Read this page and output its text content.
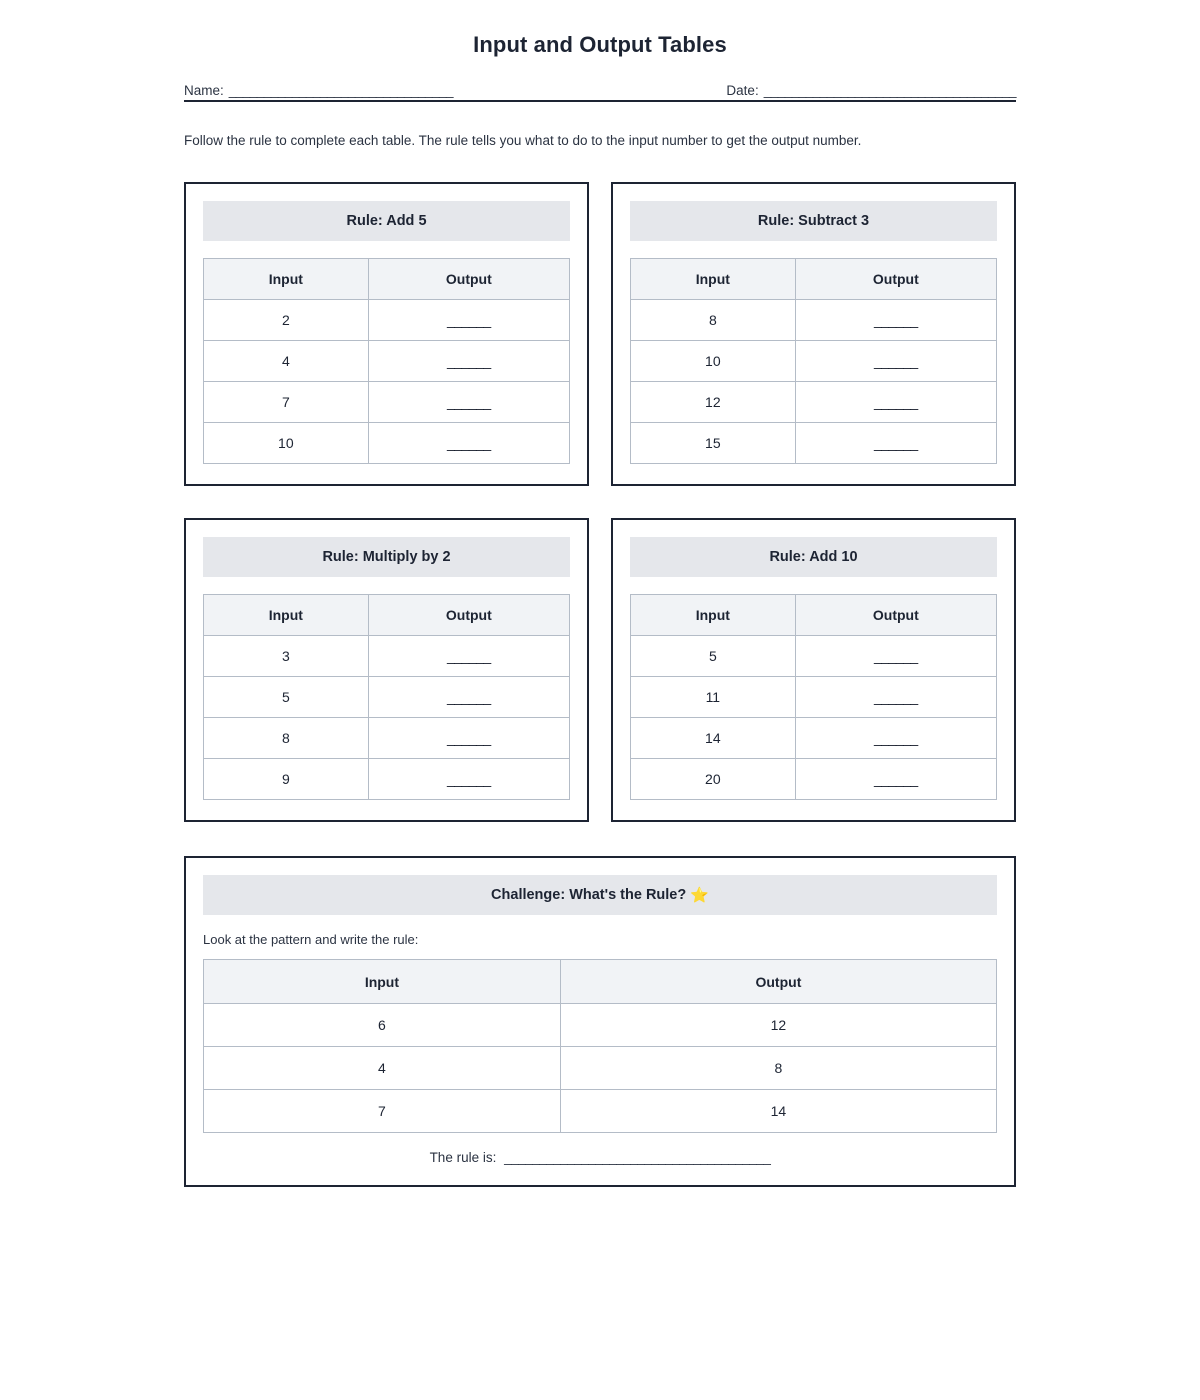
Input and Output Tables
Name: ________________________________	Date: ____________________________________

Follow the rule to complete each table. The rule tells you what to do to the input number to get the output number.

Rule: Add 5
Input	Output
2	______
4	______
7	______
10	______
Rule: Subtract 3
Input	Output
8	______
10	______
12	______
15	______
Rule: Multiply by 2
Input	Output
3	______
5	______
8	______
9	______
Rule: Add 10
Input	Output
5	______
11	______
14	______
20	______
Challenge: What's the Rule? ⭐
Look at the pattern and write the rule:
Input	Output
6	12
4	8
7	14
The rule is: ______________________________________
